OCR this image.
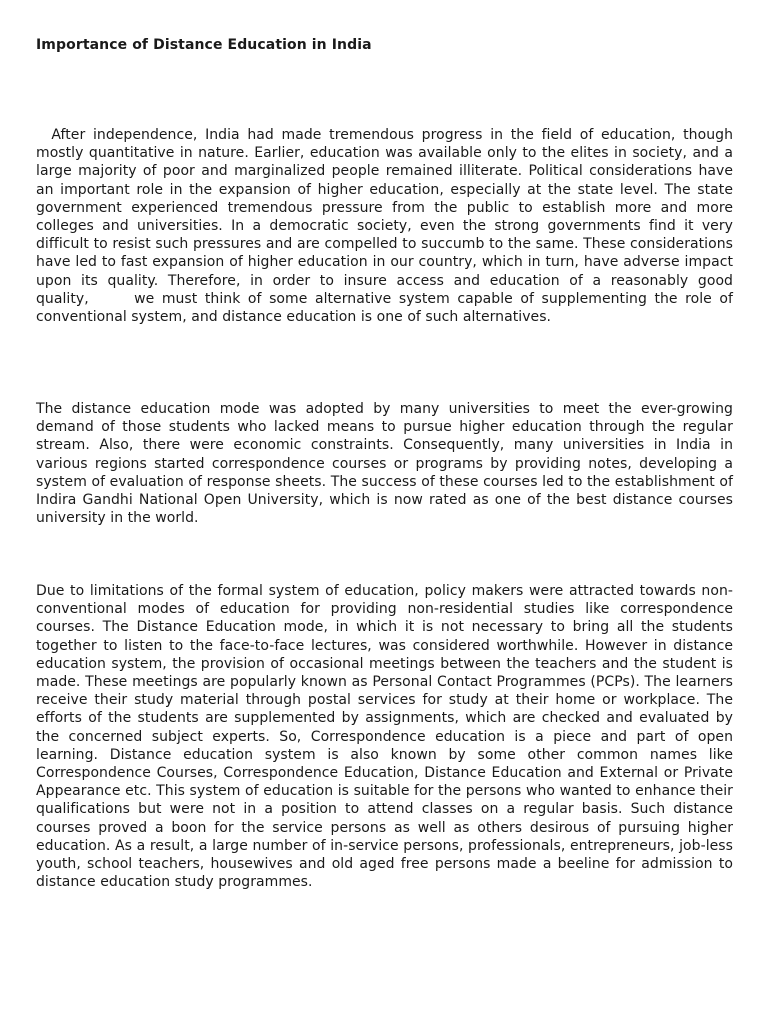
Importance of Distance Education in India

After independence, India had made tremendous progress in the field of education, though mostly quantitative in nature. Earlier, education was available only to the elites in society, and a large majority of poor and marginalized people remained illiterate. Political considerations have an important role in the expansion of higher education, especially at the state level. The state government experienced tremendous pressure from the public to establish more and more colleges and universities. In a democratic society, even the strong governments find it very difficult to resist such pressures and are compelled to succumb to the same. These considerations have led to fast expansion of higher education in our country, which in turn, have adverse impact upon its quality. Therefore, in order to insure access and education of a reasonably good quality,      we must think of some alternative system capable of supplementing the role of conventional system, and distance education is one of such alternatives.

The distance education mode was adopted by many universities to meet the ever-growing demand of those students who lacked means to pursue higher education through the regular stream. Also, there were economic constraints. Consequently, many universities in India in various regions started correspondence courses or programs by providing notes, developing a system of evaluation of response sheets. The success of these courses led to the establishment of Indira Gandhi National Open University, which is now rated as one of the best distance courses university in the world.

Due to limitations of the formal system of education, policy makers were attracted towards non-conventional modes of education for providing non-residential studies like correspondence courses. The Distance Education mode, in which it is not necessary to bring all the students together to listen to the face-to-face lectures, was considered worthwhile. However in distance education system, the provision of occasional meetings between the teachers and the student is made. These meetings are popularly known as Personal Contact Programmes (PCPs). The learners receive their study material through postal services for study at their home or workplace. The efforts of the students are supplemented by assignments, which are checked and evaluated by the concerned subject experts. So, Correspondence education is a piece and part of open learning. Distance education system is also known by some other common names like Correspondence Courses, Correspondence Education, Distance Education and External or Private Appearance etc. This system of education is suitable for the persons who wanted to enhance their qualifications but were not in a position to attend classes on a regular basis. Such distance courses proved a boon for the service persons as well as others desirous of pursuing higher education. As a result, a large number of in-service persons, professionals, entrepreneurs, job-less youth, school teachers, housewives and old aged free persons made a beeline for admission to distance education study programmes.
